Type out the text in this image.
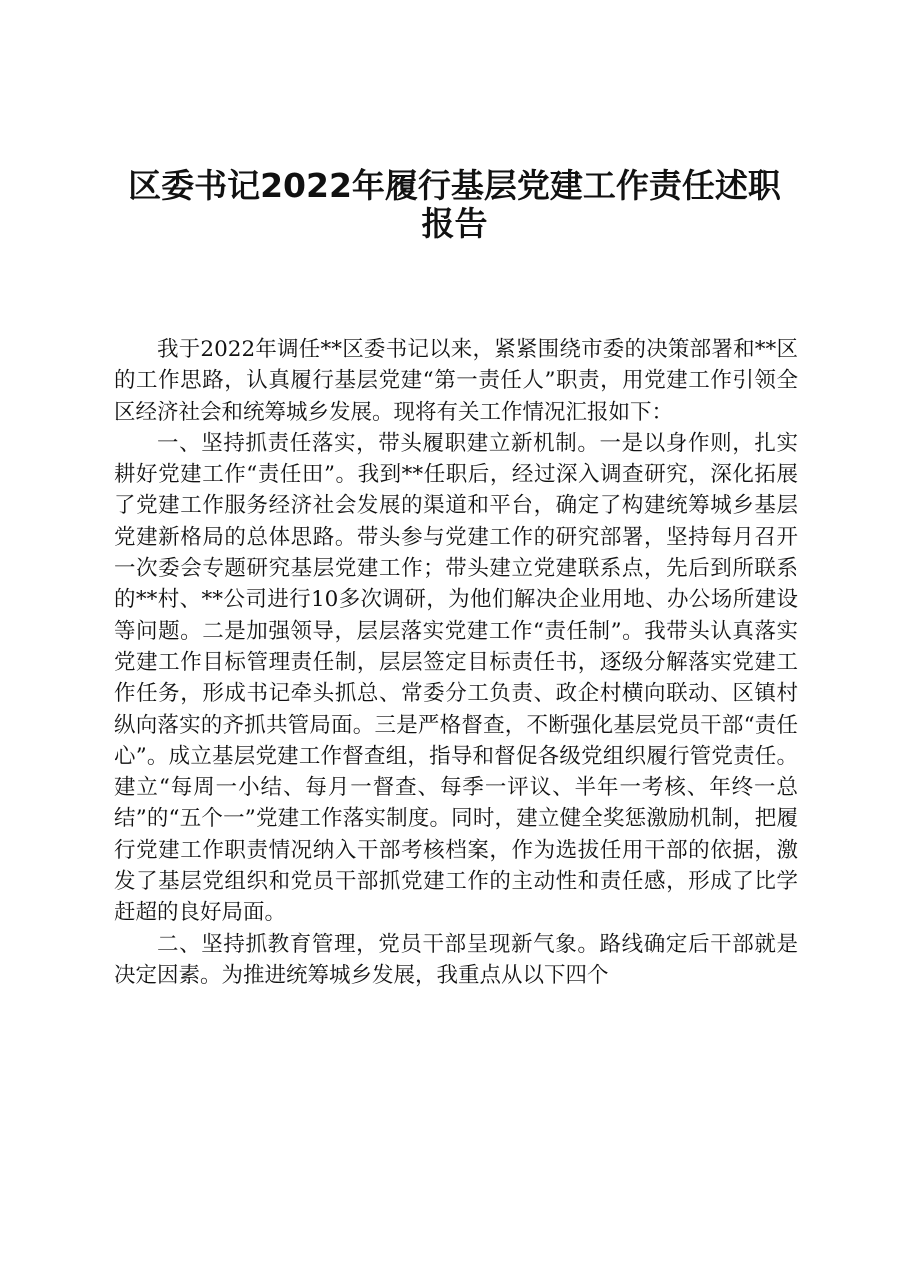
区委书记2022年履行基层党建工作责任述职
报告

我于2022年调任**区委书记以来，紧紧围绕市委的决策部署和**区的工作思路，认真履行基层党建“第一责任人”职责，用党建工作引领全区经济社会和统筹城乡发展。现将有关工作情况汇报如下：

一、坚持抓责任落实，带头履职建立新机制。一是以身作则，扎实耕好党建工作“责任田”。我到**任职后，经过深入调查研究，深化拓展了党建工作服务经济社会发展的渠道和平台，确定了构建统筹城乡基层党建新格局的总体思路。带头参与党建工作的研究部署，坚持每月召开一次委会专题研究基层党建工作；带头建立党建联系点，先后到所联系的**村、**公司进行10多次调研，为他们解决企业用地、办公场所建设等问题。二是加强领导，层层落实党建工作“责任制”。我带头认真落实党建工作目标管理责任制，层层签定目标责任书，逐级分解落实党建工作任务，形成书记牵头抓总、常委分工负责、政企村横向联动、区镇村纵向落实的齐抓共管局面。三是严格督查，不断强化基层党员干部“责任心”。成立基层党建工作督查组，指导和督促各级党组织履行管党责任。建立“每周一小结、每月一督查、每季一评议、半年一考核、年终一总结”的“五个一”党建工作落实制度。同时，建立健全奖惩激励机制，把履行党建工作职责情况纳入干部考核档案，作为选拔任用干部的依据，激发了基层党组织和党员干部抓党建工作的主动性和责任感，形成了比学赶超的良好局面。

二、坚持抓教育管理，党员干部呈现新气象。路线确定后干部就是决定因素。为推进统筹城乡发展，我重点从以下四个
